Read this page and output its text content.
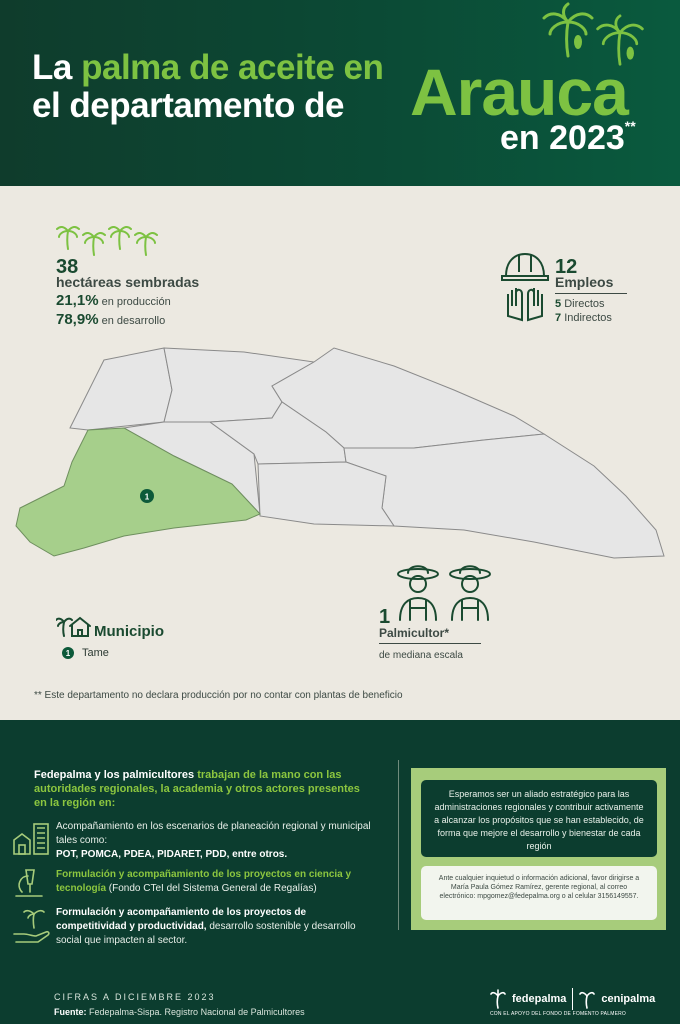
La palma de aceite en
el departamento de Arauca
en 2023**
38
hectáreas sembradas
21,1% en producción
78,9% en desarrollo
12
Empleos
5 Directos
7 Indirectos
1
Municipio
1	Tame
1
Palmicultor*
de mediana escala
** Este departamento no declara producción por no contar con plantas de beneficio
Fedepalma y los palmicultores trabajan de la mano con las autoridades regionales, la academia y otros actores presentes en la región en:
Acompañamiento en los escenarios de planeación regional y municipal tales como:
POT, POMCA, PDEA, PIDARET, PDD, entre otros.
Formulación y acompañamiento de los proyectos en ciencia y tecnología (Fondo CTeI del Sistema General de Regalías)
Formulación y acompañamiento de los proyectos de competitividad y productividad, desarrollo sostenible y desarrollo social que impacten al sector.
Esperamos ser un aliado estratégico para las administraciones regionales y contribuir activamente a alcanzar los propósitos que se han establecido, de forma que mejore el desarrollo y bienestar de cada región
Ante cualquier inquietud o información adicional, favor dirigirse a María Paula Gómez Ramírez, gerente regional, al correo electrónico: mpgomez@fedepalma.org o al celular 3156149557.
CIFRAS A DICIEMBRE 2023
Fuente: Fedepalma-Sispa. Registro Nacional de Palmicultores
fedepalma	cenipalma
CON EL APOYO DEL FONDO DE FOMENTO PALMERO
